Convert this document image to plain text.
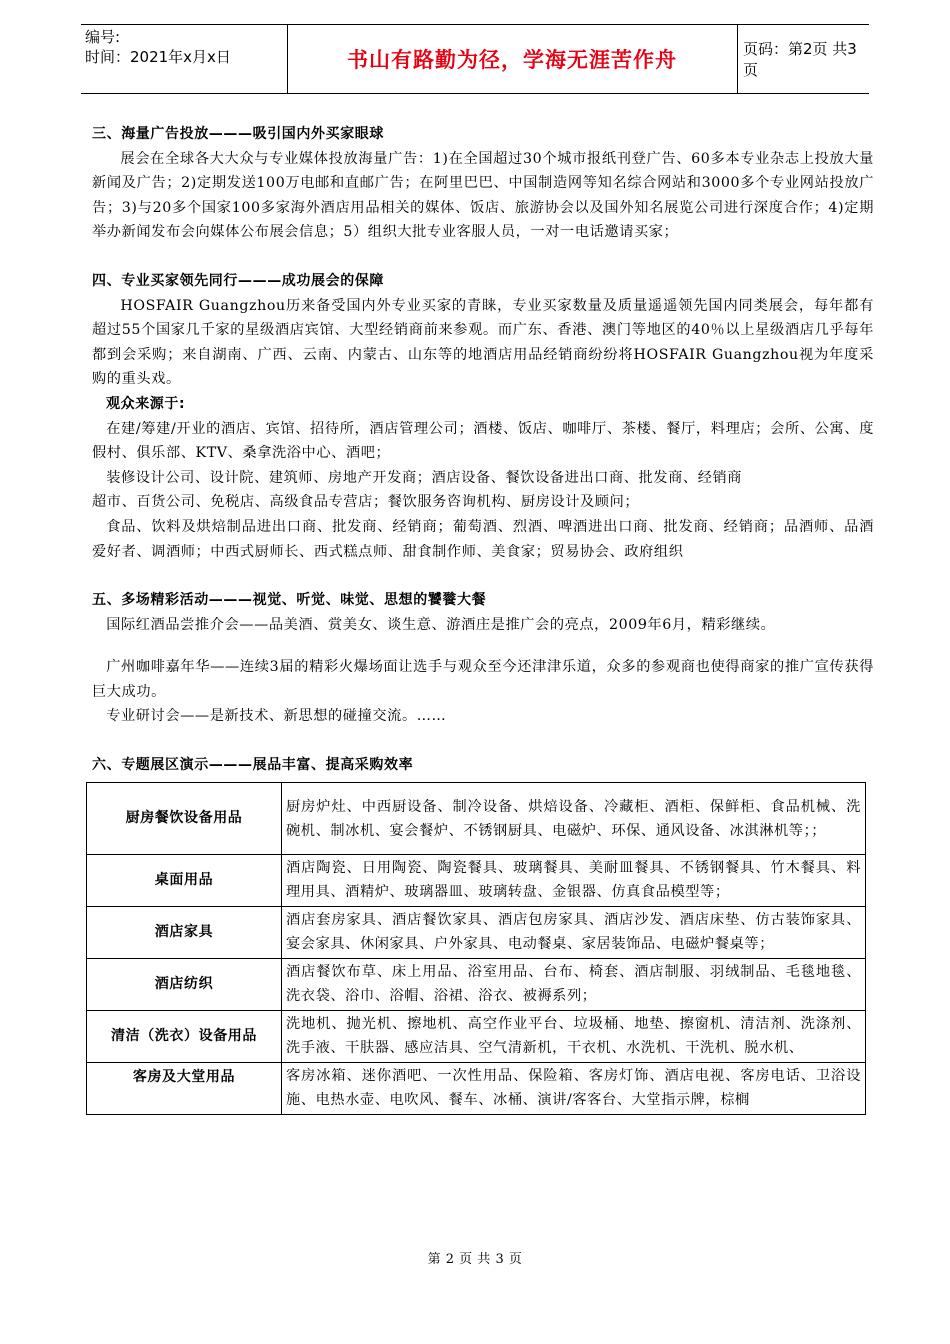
编号:
时间：2021年x月x日	书山有路勤为径，学海无涯苦作舟	页码：第2页 共3页
三、海量广告投放———吸引国内外买家眼球
展会在全球各大大众与专业媒体投放海量广告：1)在全国超过30个城市报纸刊登广告、60多本专业杂志上投放大量新闻及广告；2)定期发送100万电邮和直邮广告；在阿里巴巴、中国制造网等知名综合网站和3000多个专业网站投放广告；3)与20多个国家100多家海外酒店用品相关的媒体、饭店、旅游协会以及国外知名展览公司进行深度合作；4)定期举办新闻发布会向媒体公布展会信息；5）组织大批专业客服人员，一对一电话邀请买家；
四、专业买家领先同行———成功展会的保障
HOSFAIR Guangzhou历来备受国内外专业买家的青睐，专业买家数量及质量遥遥领先国内同类展会，每年都有超过55个国家几千家的星级酒店宾馆、大型经销商前来参观。而广东、香港、澳门等地区的40％以上星级酒店几乎每年都到会采购；来自湖南、广西、云南、内蒙古、山东等的地酒店用品经销商纷纷将HOSFAIR Guangzhou视为年度采购的重头戏。
观众来源于:
在建/筹建/开业的酒店、宾馆、招待所，酒店管理公司；酒楼、饭店、咖啡厅、茶楼、餐厅，料理店；会所、公寓、度假村、俱乐部、KTV、桑拿洗浴中心、酒吧；
装修设计公司、设计院、建筑师、房地产开发商；酒店设备、餐饮设备进出口商、批发商、经销商
超市、百货公司、免税店、高级食品专营店；餐饮服务咨询机构、厨房设计及顾问；
食品、饮料及烘焙制品进出口商、批发商、经销商；葡萄酒、烈酒、啤酒进出口商、批发商、经销商；品酒师、品酒爱好者、调酒师；中西式厨师长、西式糕点师、甜食制作师、美食家；贸易协会、政府组织
五、多场精彩活动———视觉、听觉、味觉、思想的饕餮大餐
国际红酒品尝推介会——品美酒、赏美女、谈生意、游酒庄是推广会的亮点，2009年6月，精彩继续。
广州咖啡嘉年华——连续3届的精彩火爆场面让选手与观众至今还津津乐道，众多的参观商也使得商家的推广宣传获得巨大成功。
专业研讨会——是新技术、新思想的碰撞交流。……
六、专题展区演示———展品丰富、提高采购效率
厨房餐饮设备用品	厨房炉灶、中西厨设备、制冷设备、烘焙设备、冷藏柜、酒柜、保鲜柜、食品机械、洗碗机、制冰机、宴会餐炉、不锈钢厨具、电磁炉、环保、通风设备、冰淇淋机等；；
桌面用品	酒店陶瓷、日用陶瓷、陶瓷餐具、玻璃餐具、美耐皿餐具、不锈钢餐具、竹木餐具、料理用具、酒精炉、玻璃器皿、玻璃转盘、金银器、仿真食品模型等；
酒店家具	酒店套房家具、酒店餐饮家具、酒店包房家具、酒店沙发、酒店床垫、仿古装饰家具、宴会家具、休闲家具、户外家具、电动餐桌、家居装饰品、电磁炉餐桌等；
酒店纺织	酒店餐饮布草、床上用品、浴室用品、台布、椅套、酒店制服、羽绒制品、毛毯地毯、洗衣袋、浴巾、浴帽、浴裙、浴衣、被褥系列；
清洁（洗衣）设备用品	洗地机、抛光机、擦地机、高空作业平台、垃圾桶、地垫、擦窗机、清洁剂、洗涤剂、洗手液、干肤器、感应洁具、空气清新机，干衣机、水洗机、干洗机、脱水机、
客房及大堂用品	客房冰箱、迷你酒吧、一次性用品、保险箱、客房灯饰、酒店电视、客房电话、卫浴设施、电热水壶、电吹风、餐车、冰桶、演讲/客客台、大堂指示牌，棕榈
第 2 页 共 3 页
